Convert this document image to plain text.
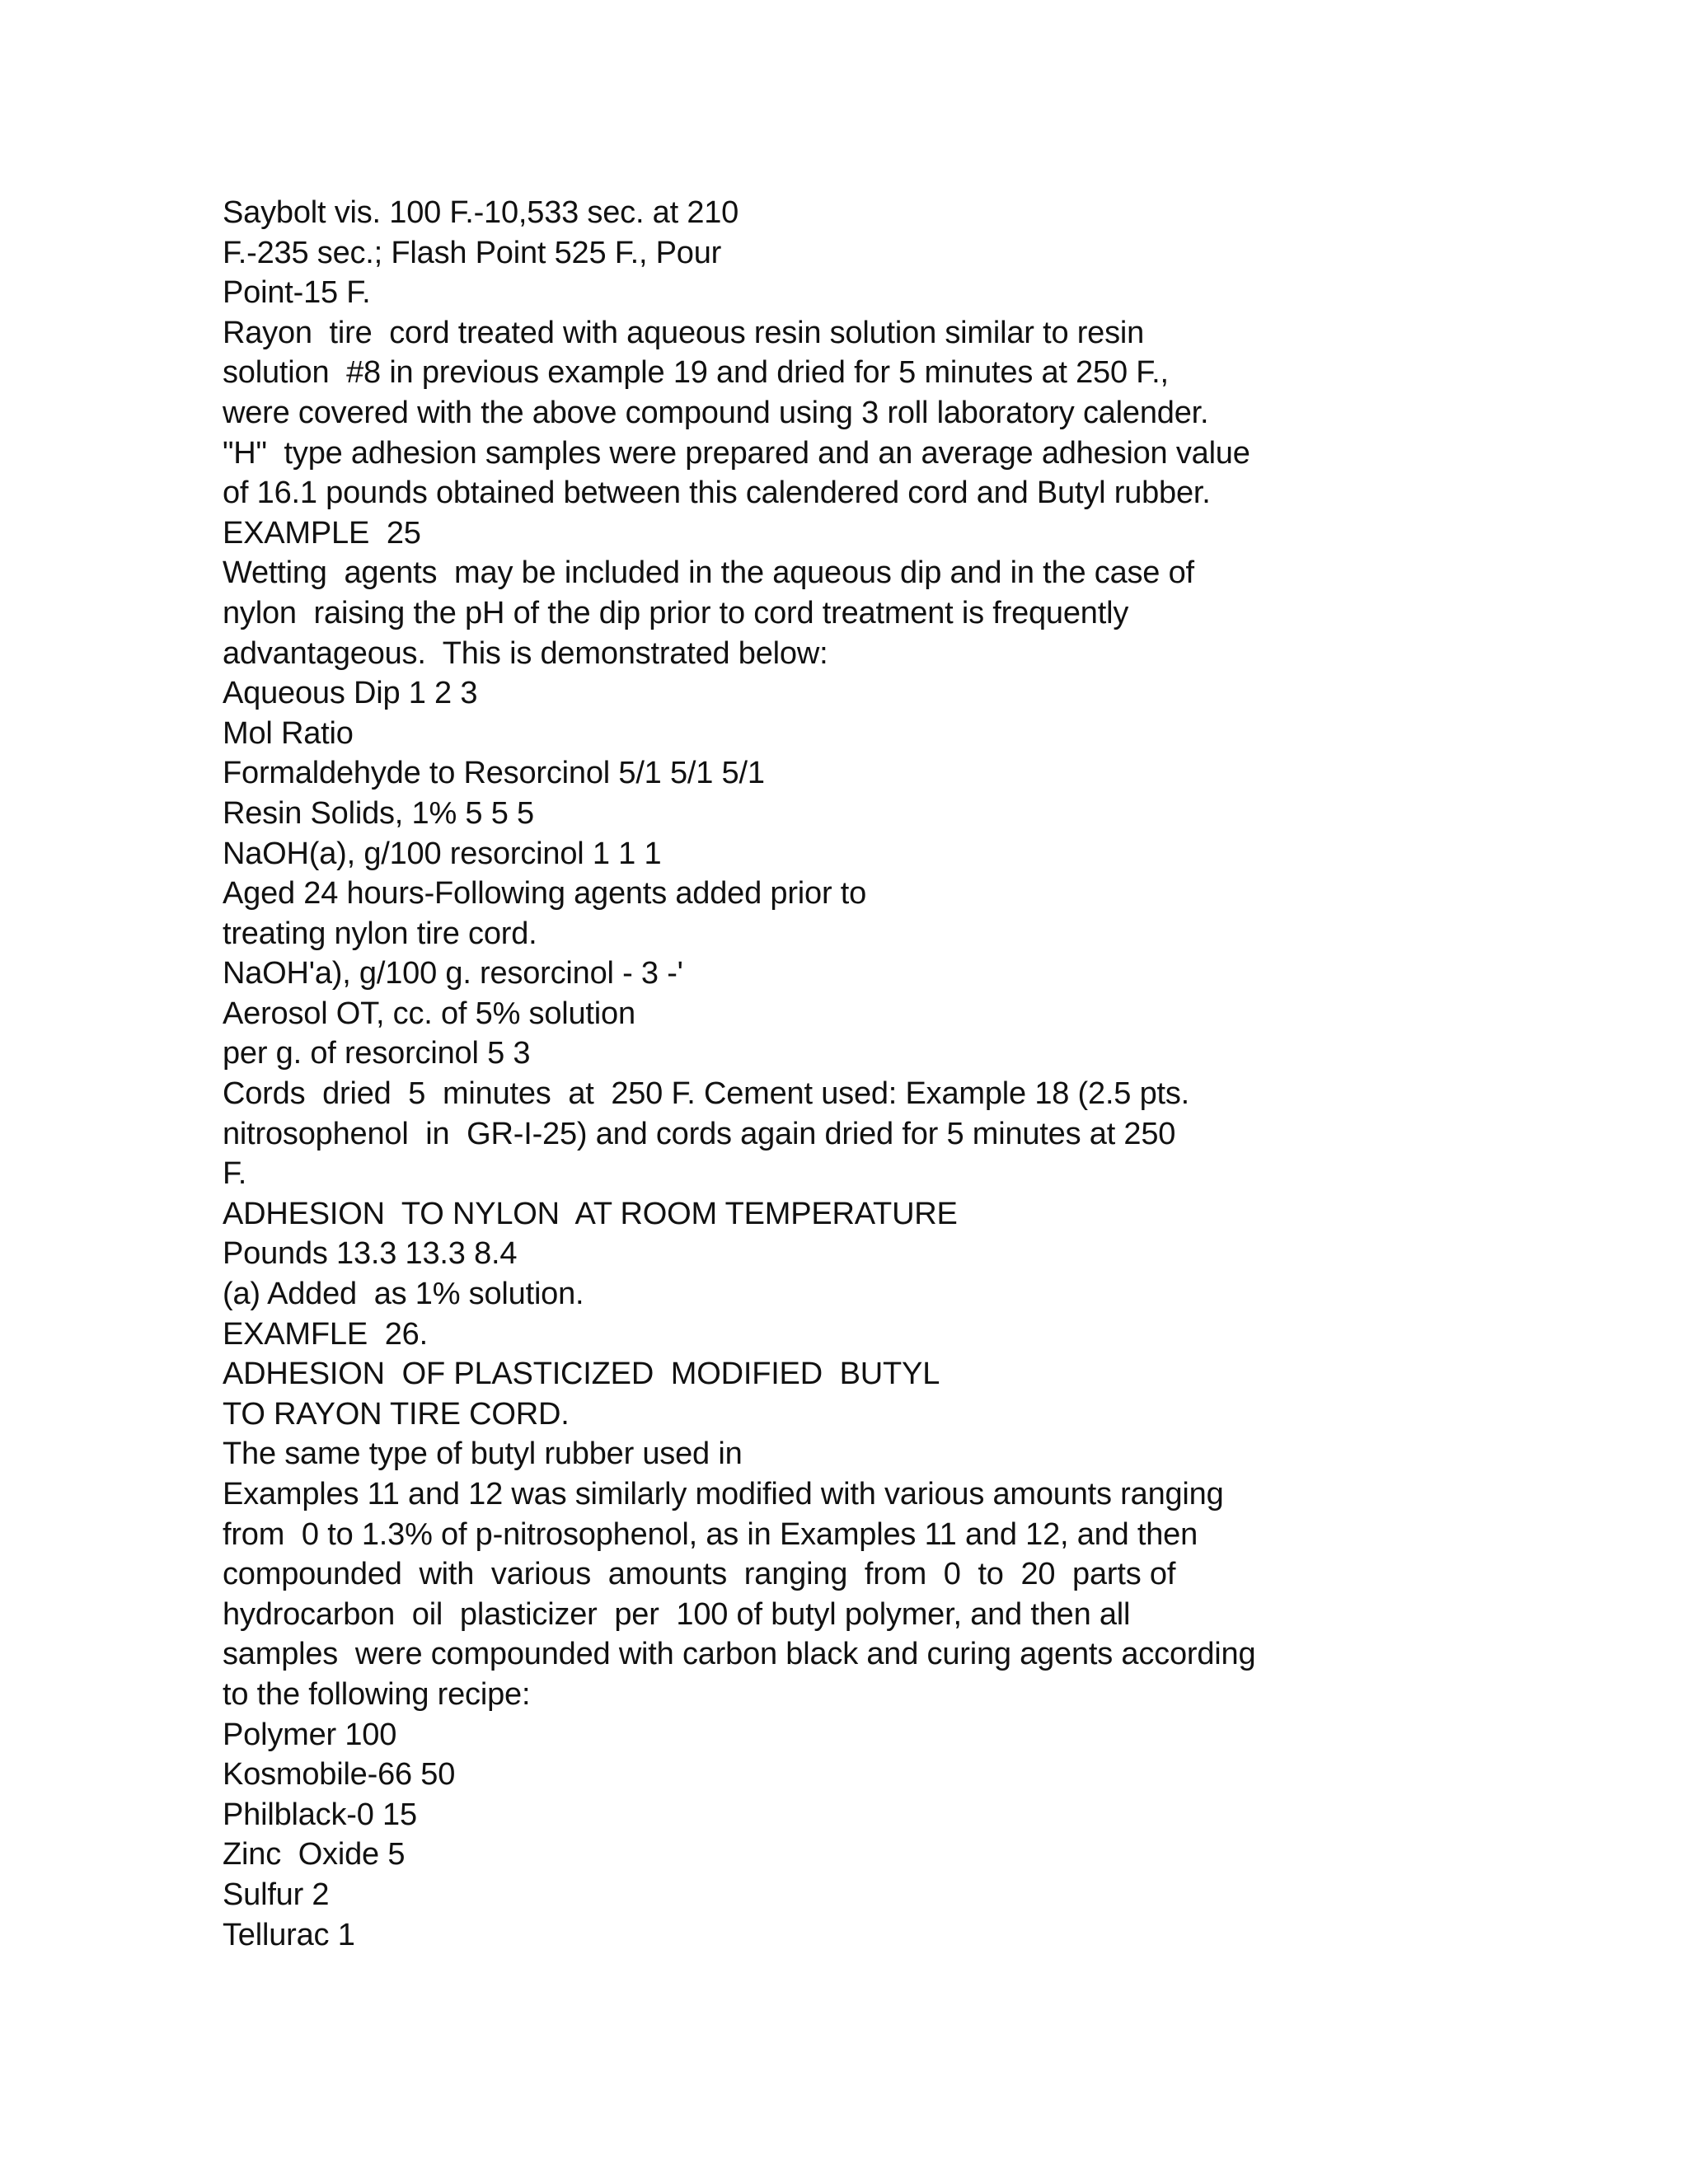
Saybolt vis. 100 F.-10,533 sec. at 210
F.-235 sec.; Flash Point 525 F., Pour
Point-15 F.
Rayon  tire  cord treated with aqueous resin solution similar to resin
solution  #8 in previous example 19 and dried for 5 minutes at 250 F.,
were covered with the above compound using 3 roll laboratory calender.
"H"  type adhesion samples were prepared and an average adhesion value
of 16.1 pounds obtained between this calendered cord and Butyl rubber.
EXAMPLE  25
Wetting  agents  may be included in the aqueous dip and in the case of
nylon  raising the pH of the dip prior to cord treatment is frequently
advantageous.  This is demonstrated below:
Aqueous Dip 1 2 3
Mol Ratio
Formaldehyde to Resorcinol 5/1 5/1 5/1
Resin Solids, 1% 5 5 5
NaOH(a), g/100 resorcinol 1 1 1
Aged 24 hours-Following agents added prior to
treating nylon tire cord.
NaOH'a), g/100 g. resorcinol - 3 -'
Aerosol OT, cc. of 5% solution
per g. of resorcinol 5 3
Cords  dried  5  minutes  at  250 F. Cement used: Example 18 (2.5 pts.
nitrosophenol  in  GR-I-25) and cords again dried for 5 minutes at 250
F.
ADHESION  TO NYLON  AT ROOM TEMPERATURE
Pounds 13.3 13.3 8.4
(a) Added  as 1% solution.
EXAMFLE  26.
ADHESION  OF PLASTICIZED  MODIFIED  BUTYL
TO RAYON TIRE CORD.
The same type of butyl rubber used in
Examples 11 and 12 was similarly modified with various amounts ranging
from  0 to 1.3% of p-nitrosophenol, as in Examples 11 and 12, and then
compounded  with  various  amounts  ranging  from  0  to  20  parts of
hydrocarbon  oil  plasticizer  per  100 of butyl polymer, and then all
samples  were compounded with carbon black and curing agents according
to the following recipe:
Polymer 100
Kosmobile-66 50
Philblack-0 15
Zinc  Oxide 5
Sulfur 2
Tellurac 1
